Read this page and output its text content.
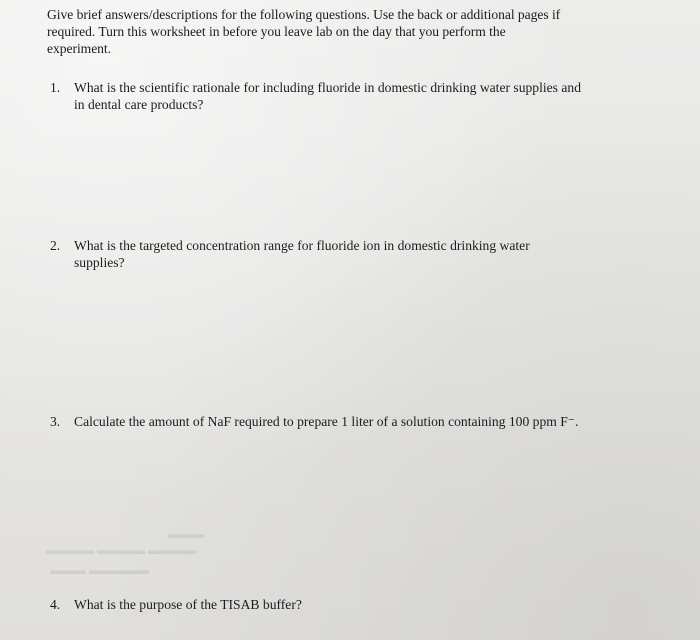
Give brief answers/descriptions for the following questions. Use the back or additional pages if
required. Turn this worksheet in before you leave lab on the day that you perform the
experiment.
1. What is the scientific rationale for including fluoride in domestic drinking water supplies and
in dental care products?
2. What is the targeted concentration range for fluoride ion in domestic drinking water
supplies?
3. Calculate the amount of NaF required to prepare 1 liter of a solution containing 100 ppm F⁻.
▬▬▬▬ ▬▬▬▬ ▬▬▬▬
▬▬▬
▬▬▬▬▬ ▬▬▬
4. What is the purpose of the TISAB buffer?
